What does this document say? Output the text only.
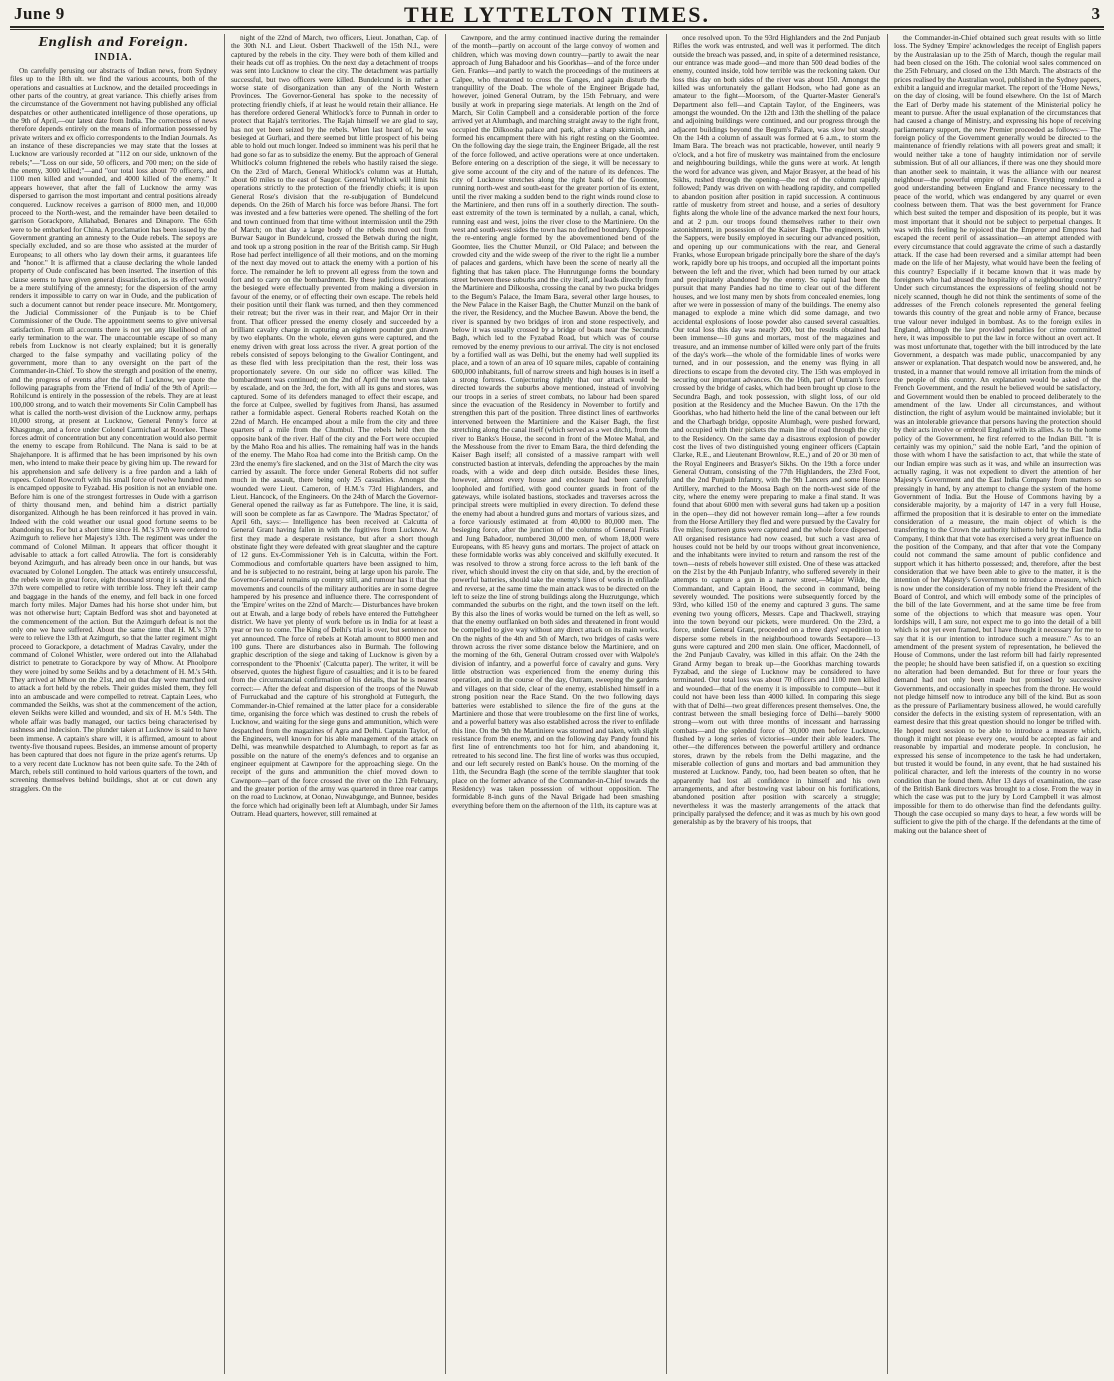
June 9	THE LYTTELTON TIMES.	3
English and Foreign.
INDIA.

On carefully perusing our abstracts of Indian news, from Sydney files up to the 18th ult. we find the various accounts, both of the operations and casualties at Lucknow, and the detailed proceedings in other parts of the country, at great variance. This chiefly arises from the circumstance of the Government not having published any official despatches or other authenticated intelligence of those operations, up the 9th of April,—our latest date from India. The correctness of news therefore depends entirely on the means of information possessed by private writers and ex officio correspondents to the Indian Journals. As an instance of these discrepancies we may state that the losses at Lucknow are variously recorded at "112 on our side, unknown of the rebels;"—"Loss on our side, 50 officers, and 700 men; on the side of the enemy, 3000 killed;"—and "our total loss about 70 officers, and 1100 men killed and wounded, and 4000 killed of the enemy." It appears however, that after the fall of Lucknow the army was dispersed to garrison the most important and central positions already conquered. Lucknow receives a garrison of 8000 men, and 10,000 proceed to the North-west, and the remainder have been detailed to garrison Gorackpore, Allahabad, Benares and Dinapore. The 65th were to be embarked for China. A proclamation has been issued by the Government granting an amnesty to the Oude rebels. The sepoys are specially excluded, and so are those who assisted at the murder of Europeans; to all others who lay down their arms, it guarantees life and "honor." It is affirmed that a clause declaring the whole landed property of Oude confiscated has been inserted. The insertion of this clause seems to have given general dissatisfaction, as its effect would be a mere stultifying of the amnesty; for the dispersion of the army renders it impossible to carry on war in Oude, and the publication of such a document cannot but render peace insecure. Mr. Montgomery, the Judicial Commissioner of the Punjaub is to be Chief Commissioner of the Oude. The appointment seems to give universal satisfaction. From all accounts there is not yet any likelihood of an early termination to the war. The unaccountable escape of so many rebels from Lucknow is not clearly explained; but it is generally charged to the false sympathy and vacillating policy of the government, more than to any oversight on the part of the Commander-in-Chief. To show the strength and position of the enemy, and the progress of events after the fall of Lucknow, we quote the following paragraphs from the 'Friend of India' of the 9th of April:— Rohilcund is entirely in the possession of the rebels. They are at least 100,000 strong, and to watch their movements Sir Colin Campbell has what is called the north-west division of the Lucknow army, perhaps 10,000 strong, at present at Lucknow, General Penny's force at Khasgunge, and a force under Colonel Carmichael at Roorkee. These forces admit of concentration but any concentration would also permit the enemy to escape from Rohilcund. The Nana is said to be at Shajehanpore. It is affirmed that he has been imprisoned by his own men, who intend to make their peace by giving him up. The reward for his apprehension and safe delivery is a free pardon and a lakh of rupees. Colonel Rowcroft with his small force of twelve hundred men is encamped opposite to Fyzabad. His position is not an enviable one. Before him is one of the strongest fortresses in Oude with a garrison of thirty thousand men, and behind him a district partially disorganized. Although he has been reinforced it has proved in vain. Indeed with the cold weather our usual good fortune seems to be abandoning us. For but a short time since H. M.'s 37th were ordered to Azimgurh to relieve her Majesty's 13th. The regiment was under the command of Colonel Milman. It appears that officer thought it advisable to attack a fort called Atrowlia. The fort is considerably beyond Azimgurh, and has already been once in our hands, but was evacuated by Colonel Longden. The attack was entirely unsuccessful, the rebels were in great force, eight thousand strong it is said, and the 37th were compelled to retire with terrible loss. They left their camp and baggage in the hands of the enemy, and fell back in one forced march forty miles. Major Dames had his horse shot under him, but was not otherwise hurt; Captain Bedford was shot and bayoneted at the commencement of the action. But the Azimgurh defeat is not the only one we have suffered. About the same time that H. M.'s 37th were to relieve the 13th at Azimgurh, so that the latter regiment might proceed to Gorackpore, a detachment of Madras Cavalry, under the command of Colonel Whistler, were ordered out into the Allahabad district to penetrate to Gorackpore by way of Mhow. At Phoolpore they were joined by some Seikhs and by a detachment of H. M.'s 54th. They arrived at Mhow on the 21st, and on that day were marched out to attack a fort held by the rebels. Their guides misled them, they fell into an ambuscade and were compelled to retreat. Captain Lees, who commanded the Seikhs, was shot at the commencement of the action, eleven Seikhs were killed and wounded, and six of H. M.'s 54th. The whole affair was badly managed, our tactics being characterised by rashness and indecision. The plunder taken at Lucknow is said to have been immense. A captain's share will, it is affirmed, amount to about twenty-five thousand rupees. Besides, an immense amount of property has been captured that does not figure in the prize agent's returns. Up to a very recent date Lucknow has not been quite safe. To the 24th of March, rebels still continued to hold various quarters of the town, and screening themselves behind buildings, shot at or cut down any stragglers. On the

night of the 22nd of March, two officers, Lieut. Jonathan, Cap. of the 30th N.I. and Lieut. Osbert Thackwell of the 15th N.I., were captured by the rebels in the city. They were both of them killed and their heads cut off as trophies. On the next day a detachment of troops was sent into Lucknow to clear the city. The detachment was partially successful, but two officers were killed. Bundelcund is in rather a worse state of disorganization than any of the North Western Provinces. The Governor-General has spoke to the necessity of protecting friendly chiefs, if at least he would retain their alliance. He has therefore ordered General Whitlock's force to Punnah in order to protect that Rajah's territories. The Rajah himself we are glad to say, has not yet been seized by the rebels. When last heard of, he was besieged at Gurhari, and there seemed but little prospect of his being able to hold out much longer. Indeed so imminent was his peril that he had gone so far as to subsidize the enemy. But the approach of General Whitlock's column frightened the rebels who hastily raised the siege. On the 23rd of March, General Whitlock's column was at Huttah, about 60 miles to the east of Saugor. General Whitlock will limit his operations strictly to the protection of the friendly chiefs; it is upon General Rose's division that the re-subjugation of Bundelcund depends. On the 26th of March his force was before Jhansi. The fort was invested and a few batteries were opened. The shelling of the fort and town continued from that time without intermission until the 29th of March; on that day a large body of the rebels moved out from Burwar Saugor in Bundelcund, crossed the Betwah during the night, and took up a strong position in the rear of the British camp. Sir Hugh Rose had perfect intelligence of all their motions, and on the morning of the next day moved out to attack the enemy with a portion of his force. The remainder he left to prevent all egress from the town and fort and to carry on the bombardment. By these judicious operations the besieged were effectually prevented from making a diversion in favour of the enemy, or of effecting their own escape. The rebels held their position until their flank was turned, and then they commenced their retreat; but the river was in their rear, and Major Orr in their front. That officer pressed the enemy closely and succeeded by a brilliant cavalry charge in capturing an eighteen pounder gun drawn by two elephants. On the whole, eleven guns were captured, and the enemy driven with great loss across the river. A great portion of the rebels consisted of sepoys belonging to the Gwalior Contingent, and as these fled with less precipitation than the rest, their loss was proportionately severe. On our side no officer was killed. The bombardment was continued; on the 2nd of April the town was taken by escalade, and on the 3rd, the fort, with all its guns and stores, was captured. Some of its defenders managed to effect their escape, and the force at Culpee, swelled by fugitives from Jhansi, has assumed rather a formidable aspect. General Roberts reached Kotah on the 22nd of March. He encamped about a mile from the city and three quarters of a mile from the Chumbul. The rebels held then the opposite bank of the river. Half of the city and the Fort were occupied by the Maho Roa and his allies. The remaining half was in the hands of the enemy. The Maho Roa had come into the British camp. On the 23rd the enemy's fire slackened, and on the 31st of March the city was carried by assault. The force under General Roberts did not suffer much in the assault, there being only 25 casualties. Amongst the wounded were Lieut. Cameron, of H.M.'s 73rd Highlanders, and Lieut. Hancock, of the Engineers. On the 24th of March the Governor-General opened the railway as far as Futtehpore. The line, it is said, will soon be complete as far as Cawnpore. The 'Madras Spectator,' of April 6th, says:— Intelligence has been received at Calcutta of General Grant having fallen in with the fugitives from Lucknow. At first they made a desperate resistance, but after a short though obstinate fight they were defeated with great slaughter and the capture of 12 guns. Ex-Commissioner Yeh is in Calcutta, within the Fort. Commodious and comfortable quarters have been assigned to him, and he is subjected to no restraint, being at large upon his parole. The Governor-General remains up country still, and rumour has it that the movements and councils of the military authorities are in some degree hampered by his presence and influence there. The correspondent of the 'Empire' writes on the 22nd of March:— Disturbances have broken out at Etwah, and a large body of rebels have entered the Futtehgheer district. We have yet plenty of work before us in India for at least a year or two to come. The King of Delhi's trial is over, but sentence not yet announced. The force of rebels at Kotah amount to 8000 men and 100 guns. There are disturbances also in Burmah. The following graphic description of the siege and taking of Lucknow is given by a correspondent to the 'Phoenix' (Calcutta paper). The writer, it will be observed, quotes the highest figure of casualties; and it is to be feared from the circumstancial confirmation of his details, that he is nearest correct:— After the defeat and dispersion of the troops of the Nuwab of Furruckabad and the capture of his stronghold at Futtegurh, the Commander-in-Chief remained at the latter place for a considerable time, organising the force which was destined to crush the rebels of Lucknow, and waiting for the siege guns and ammunition, which were despatched from the magazines of Agra and Delhi. Captain Taylor, of the Engineers, well known for his able management of the attack on Delhi, was meanwhile despatched to Alumbagh, to report as far as possible on the nature of the enemy's defences and to organise an engineer equipment at Cawnpore for the approaching siege. On the receipt of the guns and ammunition the chief moved down to Cawnpore—part of the force crossed the river on the 12th February, and the greater portion of the army was quartered in three rear camps on the road to Lucknow, at Oonao, Nuwabgunge, and Bunnee, besides the force which had originally been left at Alumbagh, under Sir James Outram. Head quarters, however, still remained at

Cawnpore, and the army continued inactive during the remainder of the month—partly on account of the large convoy of women and children, which was moving down country—partly to await the near approach of Jung Bahadoor and his Goorkhas—and of the force under Gen. Franks—and partly to watch the proceedings of the mutineers at Calpee, who threatened to cross the Ganges, and again disturb the tranquillity of the Doab. The whole of the Engineer Brigade had, however, joined General Outram, by the 15th February, and were busily at work in preparing siege materials. At length on the 2nd of March, Sir Colin Campbell and a considerable portion of the force arrived yet at Alumbagh, and marching straight away to the right front, occupied the Dilkoosha palace and park, after a sharp skirmish, and formed his encampment there with his right resting on the Goomtee. On the following day the siege train, the Engineer Brigade, all the rest of the force followed, and active operations were at once undertaken. Before entering on a description of the siege, it will be necessary to give some account of the city and of the nature of its defences. The city of Lucknow stretches along the right bank of the Goomtee, running north-west and south-east for the greater portion of its extent, until the river making a sudden bend to the right winds round close to the Martiniere, and then runs off in a southerly direction. The south-east extremity of the town is terminated by a nullah, a canal, which, running east and west, joins the river close to the Martiniere. On the west and south-west sides the town has no defined boundary. Opposite the re-entering angle formed by the abovementioned bend of the Goomtee, lies the Chutter Munzil, or Old Palace; and between the crowded city and the wide sweep of the river to the right lie a number of palaces and gardens, which have been the scene of nearly all the fighting that has taken place. The Hunrutgunge forms the boundary street between these suburbs and the city itself, and leads directly from the Martiniere and Dilkoosha, crossing the canal by two pucka bridges to the Begum's Palace, the Imam Bara, several other large houses, to the New Palace in the Kaiser Bagh, the Chutter Munzil on the bank of the river, the Residency, and the Muchee Bawun. Above the bend, the river is spanned by two bridges of iron and stone respectively, and below it was usually crossed by a bridge of boats near the Secundra Bagh, which led to the Fyzabad Road, but which was of course removed by the enemy previous to our arrival. The city is not enclosed by a fortified wall as was Delhi, but the enemy had well supplied its place, and a town of an area of 10 square miles, capable of containing 600,000 inhabitants, full of narrow streets and high houses is in itself a a strong fortress. Conjecturing rightly that our attack would be directed towards the suburbs above mentioned, instead of involving our troops in a series of street combats, no labour had been spared since the evacuation of the Residency in November to fortify and strengthen this part of the position. Three distinct lines of earthworks intervened between the Martiniere and the Kaiser Bagh, the first stretching along the canal itself (which served as a wet ditch), from the river to Banks's House, the second in front of the Motee Mahal, and the Messhouse from the river to Emam Bara, the third defending the Kaiser Bagh itself; all consisted of a massive rampart with well constructed bastion at intervals, defending the approaches by the main roads, with a wide and deep ditch outside. Besides these lines, however, almost every house and enclosure had been carefully loopholed and fortified, with good counter guards in front of the gateways, while isolated bastions, stockades and traverses across the principal streets were multiplied in every direction. To defend these the enemy had about a hundred guns and mortars of various sizes, and a force variously estimated at from 40,000 to 80,000 men. The besieging force, after the junction of the columns of General Franks and Jung Bahadoor, numbered 30,000 men, of whom 18,000 were Europeans, with 85 heavy guns and mortars. The project of attack on these formidable works was ably conceived and skilfully executed. It was resolved to throw a strong force across to the left bank of the river, which should invest the city on that side, and, by the erection of powerful batteries, should take the enemy's lines of works in enfilade and reverse, at the same time the main attack was to be directed on the left to seize the line of strong buildings along the Huzrutgunge, which commanded the suburbs on the right, and the town itself on the left. By this also the lines of works would be turned on the left as well, so that the enemy outflanked on both sides and threatened in front would be compelled to give way without any direct attack on its main works. On the nights of the 4th and 5th of March, two bridges of casks were thrown across the river some distance below the Martiniere, and on the morning of the 6th, General Outram crossed over with Walpole's division of infantry, and a powerful force of cavalry and guns. Very little obstruction was experienced from the enemy during this operation, and in the course of the day, Outram, sweeping the gardens and villages on that side, clear of the enemy, established himself in a strong position near the Race Stand. On the two following days batteries were established to silence the fire of the guns at the Martiniere and those that were troublesome on the first line of works, and a powerful battery was also established across the river to enfilade this line. On the 9th the Martiniere was stormed and taken, with slight resistance from the enemy, and on the following day Pandy found his first line of entrenchments too hot for him, and abandoning it, retreated to his second line. The first line of works was thus occupied, and our left securely rested on Bank's house. On the morning of the 11th, the Secundra Bagh (the scene of the terrible slaughter that took place on the former advance of the Commander-in-Chief towards the Residency) was taken possession of without opposition. The formidable 8-inch guns of the Naval Brigade had been smashing everything before them on the afternoon of the 11th, its capture was at

once resolved upon. To the 93rd Highlanders and the 2nd Punjaub Rifles the work was entrusted, and well was it performed. The ditch outside the breach was passed, and, in spite of a determined resistance, our entrance was made good—and more than 500 dead bodies of the enemy, counted inside, told how terrible was the reckoning taken. Our loss this day on both sides of the river was about 150. Amongst the killed was unfortunately the gallant Hodson, who had gone as an amateur to the fight—Moorsom, of the Quarter-Master General's Department also fell—and Captain Taylor, of the Engineers, was amongst the wounded. On the 12th and 13th the shelling of the palace and adjoining buildings were continued, and our progress through the adjacent buildings beyond the Begum's Palace, was slow but steady. On the 14th a column of assault was formed at 6 a.m., to storm the Imam Bara. The breach was not practicable, however, until nearly 9 o'clock, and a hot fire of musketry was maintained from the enclosure and neighbouring buildings, while the guns were at work. At length the word for advance was given, and Major Brasyer, at the head of his Sikhs, rushed through the opening—the rest of the column rapidly followed; Pandy was driven on with headlong rapidity, and compelled to abandon position after position in rapid succession. A continuous rattle of musketry from street and house, and a series of desultory fights along the whole line of the advance marked the next four hours, and at 2 p.m. our troops found themselves rather to their own astonishment, in possession of the Kaiser Bagh. The engineers, with the Sappers, were busily employed in securing our advanced position, and opening up our communications with the rear, and General Franks, whose European brigade principally bore the share of the day's work, rapidly bore up his troops, and occupied all the important points between the left and the river, which had been turned by our attack and precipitately abandoned by the enemy. So rapid had been the pursuit that many Pandies had no time to clear out of the different houses, and we lost many men by shots from concealed enemies, long after we were in possession of many of the buildings. The enemy also managed to explode a mine which did some damage, and two accidental explosions of loose powder also caused several casualties. Our total loss this day was nearly 200, but the results obtained had been immense—10 guns and mortars, most of the magazines and treasure, and an immense number of killed were only part of the fruits of the day's work—the whole of the formidable lines of works were turned, and in our possession, and the enemy was flying in all directions to escape from the devoted city. The 15th was employed in securing our important advances. On the 16th, part of Outram's force crossed by the bridge of casks, which had been brought up close to the Secundra Bagh, and took possession, with slight loss, of our old position at the Residency and the Muchee Bawun. On the 17th the Goorkhas, who had hitherto held the line of the canal between our left and the Charbagh bridge, opposite Alumbagh, were pushed forward, and occupied with their pickets the main line of road through the city to the Residency. On the same day a disastrous explosion of powder cost the lives of two distinguished young engineer officers (Captain Clarke, R.E., and Lieutenant Brownlow, R.E.,) and of 20 or 30 men of the Royal Engineers and Brasyer's Sikhs. On the 19th a force under General Outram, consisting of the 77th Highlanders, the 23rd Foot, and the 2nd Punjaub Infantry, with the 9th Lancers and some Horse Artillery, marched to the Moosa Bagh on the north-west side of the city, where the enemy were preparing to make a final stand. It was found that about 6000 men with several guns had taken up a position in the open—they did not however remain long—after a few rounds from the Horse Artillery they fled and were pursued by the Cavalry for five miles; fourteen guns were captured and the whole force dispersed. All organised resistance had now ceased, but such a vast area of houses could not be held by our troops without great inconvenience, and the inhabitants were invited to return and ransom the rest of the town—nests of rebels however still existed. One of these was attacked on the 21st by the 4th Punjaub Infantry, who suffered severely in their attempts to capture a gun in a narrow street,—Major Wilde, the Commandant, and Captain Hood, the second in command, being severely wounded. The positions were subsequently forced by the 93rd, who killed 150 of the enemy and captured 3 guns. The same evening two young officers, Messrs. Cape and Thackwell, straying into the town beyond our pickets, were murdered. On the 23rd, a force, under General Grant, proceeded on a three days' expedition to disperse some rebels in the neighbourhood towards Seetapore—13 guns were captured and 200 men slain. One officer, Macdonnell, of the 2nd Punjaub Cavalry, was killed in this affair. On the 24th the Grand Army began to break up—the Goorkhas marching towards Fyzabad, and the siege of Lucknow may be considered to have terminated. Our total loss was about 70 officers and 1100 men killed and wounded—that of the enemy it is impossible to compute—but it could not have been less than 4000 killed. In comparing this siege with that of Delhi—two great differences present themselves. One, the contrast between the small besieging force of Delhi—barely 9000 strong—worn out with three months of incessant and harrassing combats—and the splendid force of 30,000 men before Lucknow, flushed by a long series of victories—under their able leaders. The other—the differences between the powerful artillery and ordnance stores, drawn by the rebels from the Delhi magazine, and the miserable collection of guns and mortars and bad ammunition they mustered at Lucknow. Pandy, too, had been beaten so often, that he apparently had lost all confidence in himself and his own arrangements, and after bestowing vast labour on his fortifications, abandoned position after position with scarcely a struggle; nevertheless it was the masterly arrangements of the attack that principally paralysed the defence; and it was as much by his own good generalship as by the bravery of his troops, that

the Commander-in-Chief obtained such great results with so little loss. The Sydney 'Empire' acknowledges the receipt of English papers by the Australasian up to the 25th of March, though the regular mail had been closed on the 16th. The colonial wool sales commenced on the 25th February, and closed on the 13th March. The abstracts of the prices realised by the Australian wool, published in the Sydney papers, exhibit a languid and irregular market. The report of the 'Home News,' on the day of closing, will be found elsewhere. On the 1st of March the Earl of Derby made his statement of the Ministerial policy he meant to pursue. After the usual explanation of the circumstances that had caused a change of Ministry, and expressing his hope of receiving parliamentary support, the new Premier proceeded as follows:— The foreign policy of the Government generally would be directed to the maintenance of friendly relations with all powers great and small; it would neither take a tone of haughty intimidation nor of servile submission. But of all our alliances, if there was one they should more than another seek to maintain, it was the alliance with our nearest neighbour—the powerful empire of France. Everything rendered a good understanding between England and France necessary to the peace of the world, which was endangered by any quarrel or even coolness between them. That was the best government for France which best suited the temper and disposition of its people, but it was most important that it should not be subject to perpetual changes. It was with this feeling he rejoiced that the Emperor and Empress had escaped the recent peril of assassination—an attempt attended with every circumstance that could aggravate the crime of such a dastardly attack. If the case had been reversed and a similar attempt had been made on the life of her Majesty, what would have been the feeling of this country? Especially if it became known that it was made by foreigners who had abused the hospitality of a neighbouring country? Under such circumstances the expressions of feeling should not be nicely scanned, though he did not think the sentiments of some of the addresses of the French colonels represented the general feeling towards this country of the great and noble army of France, because true valour never indulged in bombast. As to the foreign exiles in England, although the law provided penalties for crime committed here, it was impossible to put the law in force without an overt act. It was most unfortunate that, together with the bill introduced by the late Government, a despatch was made public, unaccompanied by any answer or explanation. That despatch would now be answered, and, he trusted, in a manner that would remove all irritation from the minds of the people of this country. An explanation would be asked of the French Government, and the result he believed would be satisfactory, and Government would then be enabled to proceed deliberately to the amendment of the law. Under all circumstances, and without distinction, the right of asylum would be maintained inviolable; but it was an intolerable grievance that persons having the protection should by their acts involve or embroil England with its allies. As to the home policy of the Government, he first referred to the Indian Bill. "It is certainly was my opinion," said the noble Earl, "and the opinion of those with whom I have the satisfaction to act, that while the state of our Indian empire was such as it was, and while an insurrection was actually raging, it was not expedient to divert the attention of her Majesty's Government and the East India Company from matters so pressingly in hand, by any attempt to change the system of the home Government of India. But the House of Commons having by a considerable majority, by a majority of 147 in a very full House, affirmed the proposition that it is desirable to enter on the immediate consideration of a measure, the main object of which is the transferring to the Crown the authority hitherto held by the East India Company, I think that that vote has exercised a very great influence on the position of the Company, and that after that vote the Company could not command the same amount of public confidence and support which it has hitherto possessed; and, therefore, after the best consideration that we have been able to give to the matter, it is the intention of her Majesty's Government to introduce a measure, which is now under the consideration of my noble friend the President of the Board of Control, and which will embody some of the principles of the bill of the late Government, and at the same time be free from some of the objections to which that measure was open. Your lordships will, I am sure, not expect me to go into the detail of a bill which is not yet even framed, but I have thought it necessary for me to say that it is our intention to introduce such a measure." As to an amendment of the present system of representation, he believed the House of Commons, under the last reform bill had fairly represented the people; he should have been satisfied if, on a question so exciting no alteration had been demanded. But for three or four years the demand had not only been made but promised by successive Governments, and occasionally in speeches from the throne. He would not pledge himself now to introduce any bill of the kind. But as soon as the pressure of Parliamentary business allowed, he would carefully consider the defects in the existing system of representation, with an earnest desire that this great question should no longer be trifled with. He hoped next session to be able to introduce a measure which, though it might not please every one, would be accepted as fair and reasonable by impartial and moderate people. In conclusion, he expressed his sense of incompetence to the task he had undertaken, but trusted it would be found, in any event, that he had sustained his political character, and left the interests of the country in no worse condition than he found them. After 13 days of examination, the case of the British Bank directors was brought to a close. From the way in which the case was put to the jury by Lord Campbell it was almost impossible for them to do otherwise than find the defendants guilty. Though the case occupied so many days to hear, a few words will be sufficient to give the pith of the charge. If the defendants at the time of making out the balance sheet of
